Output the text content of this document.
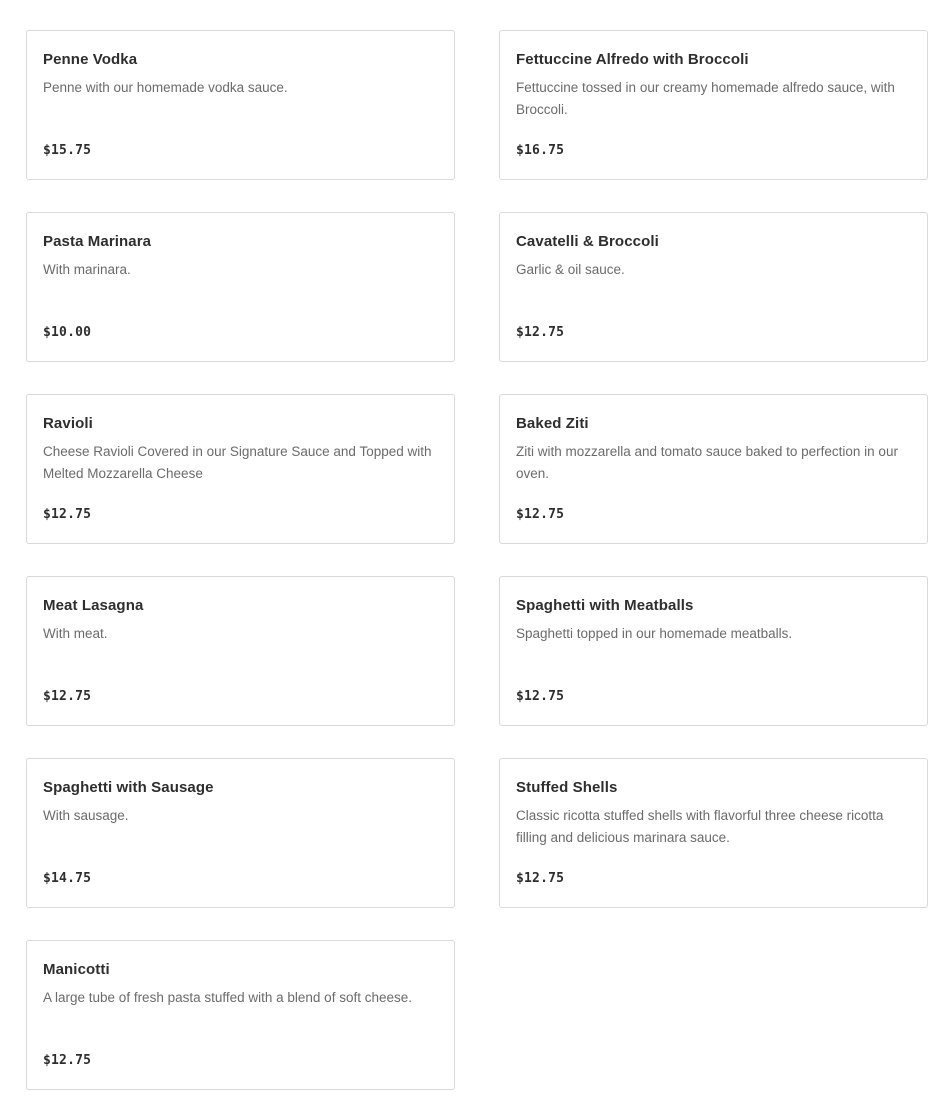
Penne Vodka
Penne with our homemade vodka sauce.
$15.75
Fettuccine Alfredo with Broccoli
Fettuccine tossed in our creamy homemade alfredo sauce, with Broccoli.
$16.75
Pasta Marinara
With marinara.
$10.00
Cavatelli & Broccoli
Garlic & oil sauce.
$12.75
Ravioli
Cheese Ravioli Covered in our Signature Sauce and Topped with Melted Mozzarella Cheese
$12.75
Baked Ziti
Ziti with mozzarella and tomato sauce baked to perfection in our oven.
$12.75
Meat Lasagna
With meat.
$12.75
Spaghetti with Meatballs
Spaghetti topped in our homemade meatballs.
$12.75
Spaghetti with Sausage
With sausage.
$14.75
Stuffed Shells
Classic ricotta stuffed shells with flavorful three cheese ricotta filling and delicious marinara sauce.
$12.75
Manicotti
A large tube of fresh pasta stuffed with a blend of soft cheese.
$12.75
